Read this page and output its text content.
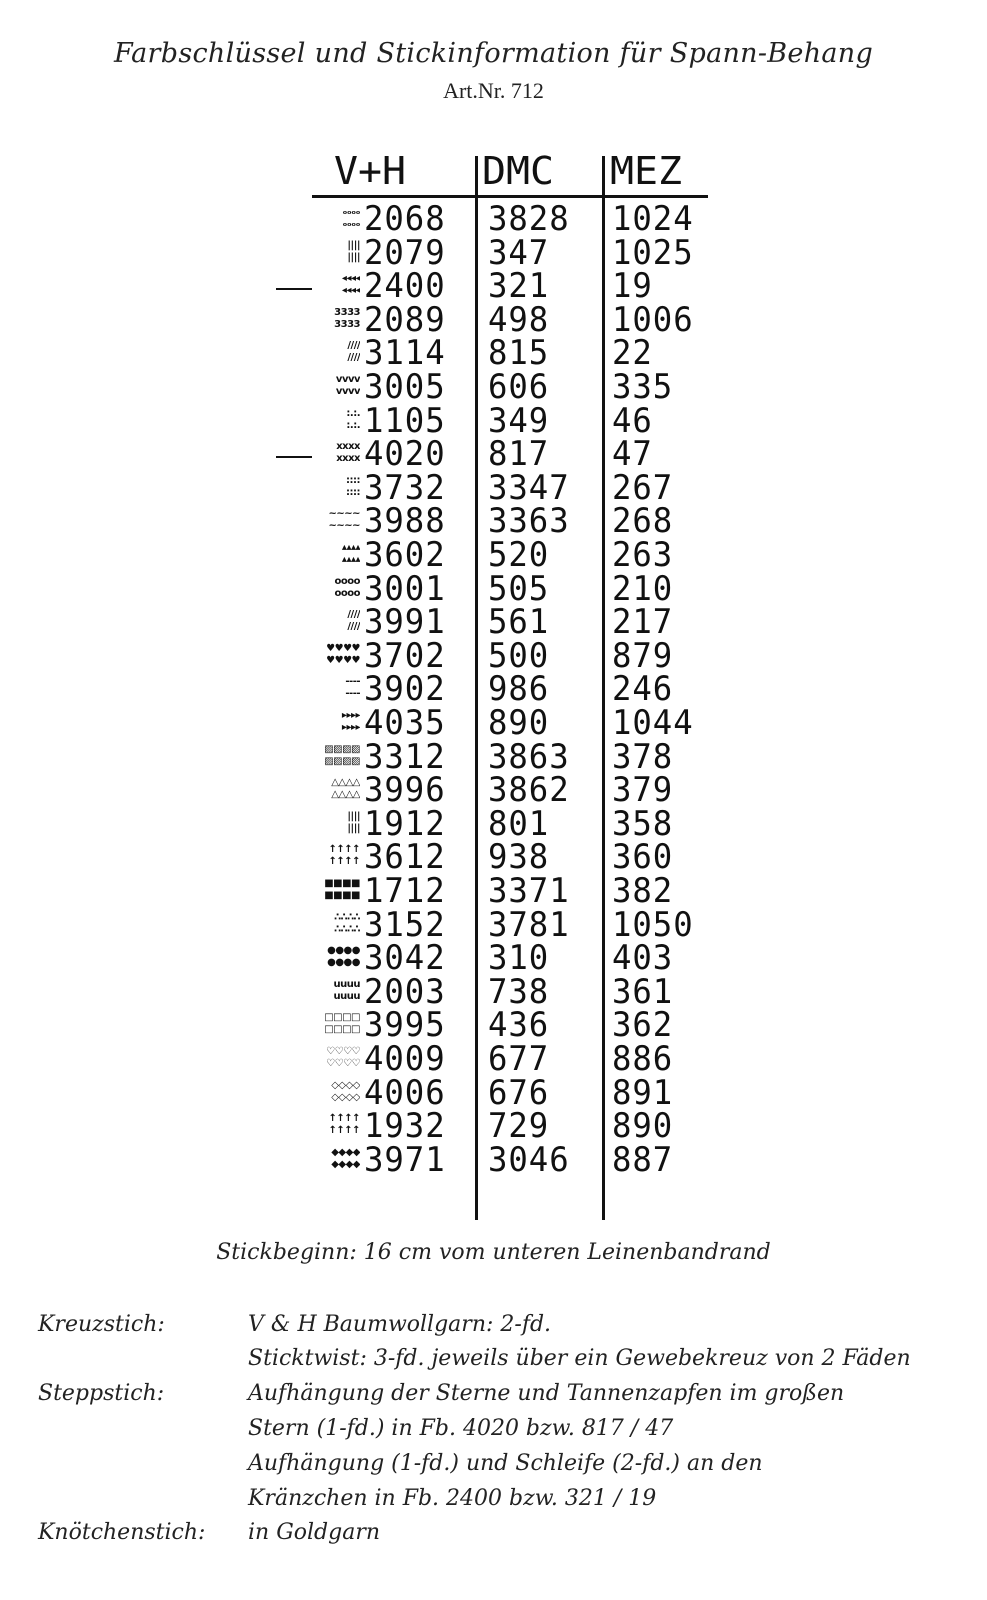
Farbschlüssel und Stickinformation für Spann-Behang
Art.Nr. 712
V+H DMC MEZ
ₒₒₒₒ
ₒₒₒₒ 2068 3828 1024
||||
|||| 2079 347 1025
◂◂◂◂
◂◂◂◂ 2400 321 19
3333
3333 2089 498 1006
////
//// 3114 815 22
vvvv
vvvv 3005 606 335
:.:.
:.:. 1105 349 46
xxxx
xxxx 4020 817 47
::::
:::: 3732 3347 267
~~~~
~~~~ 3988 3363 268
▴▴▴▴
▴▴▴▴ 3602 520 263
oooo
oooo 3001 505 210
////
//// 3991 561 217
♥♥♥♥
♥♥♥♥ 3702 500 879
----
---- 3902 986 246
▸▸▸▸
▸▸▸▸ 4035 890 1044
▨▨▨▨
▨▨▨▨ 3312 3863 378
△△△△
△△△△ 3996 3862 379
||||
|||| 1912 801 358
↑↑↑↑
↑↑↑↑ 3612 938 360
■■■■
■■■■ 1712 3371 382
∴∴∴∴
∴∴∴∴ 3152 3781 1050
●●●●
●●●● 3042 310 403
uuuu
uuuu 2003 738 361
□□□□
□□□□ 3995 436 362
♡♡♡♡
♡♡♡♡ 4009 677 886
◇◇◇◇
◇◇◇◇ 4006 676 891
↑↑↑↑
↑↑↑↑ 1932 729 890
◆◆◆◆
◆◆◆◆ 3971 3046 887
Stickbeginn: 16 cm vom unteren Leinenbandrand
Kreuzstich:	V & H Baumwollgarn: 2-fd.
Sticktwist: 3-fd. jeweils über ein Gewebekreuz von 2 Fäden
Steppstich:	Aufhängung der Sterne und Tannenzapfen im großen
Stern (1-fd.) in Fb. 4020 bzw. 817 / 47
Aufhängung (1-fd.) und Schleife (2-fd.) an den
Kränzchen in Fb. 2400 bzw. 321 / 19
Knötchenstich: in Goldgarn
